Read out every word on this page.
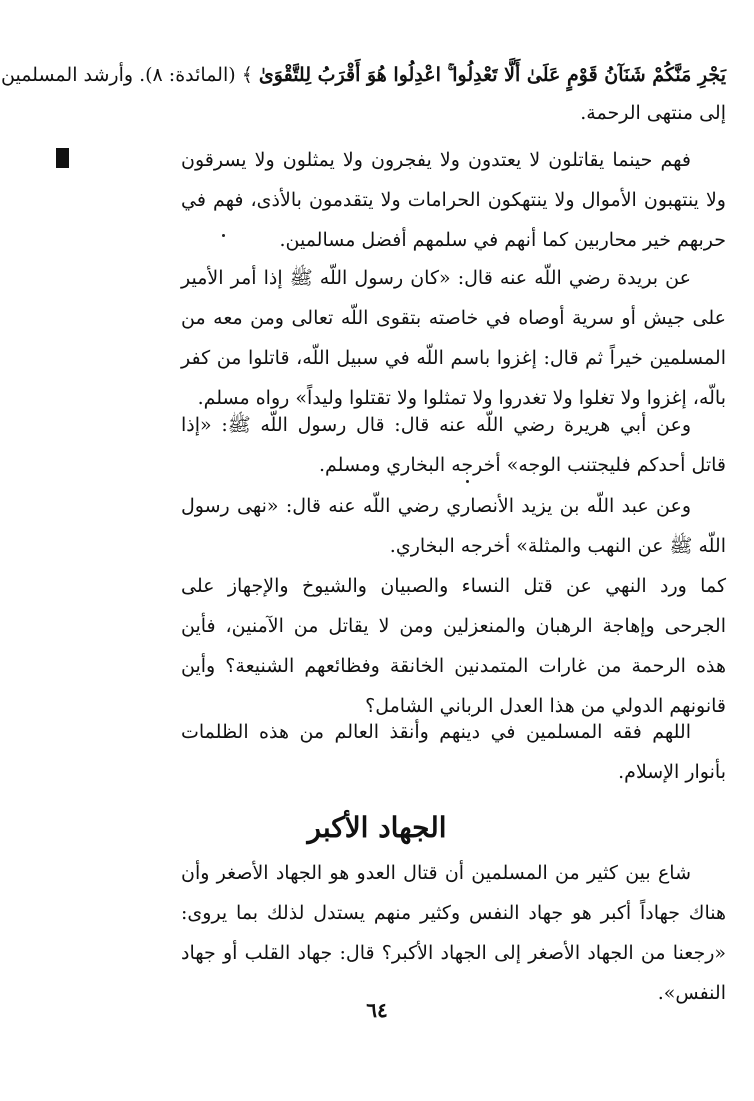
يَجْرِ مَنَّكُمْ شَنَآنُ قَوْمٍ عَلَىٰ أَلَّا تَعْدِلُوا ۚ اعْدِلُوا هُوَ أَقْرَبُ لِلتَّقْوَىٰ ﴾ (المائدة: ٨). وأرشد المسلمين إلى منتهى الرحمة.

فهم حينما يقاتلون لا يعتدون ولا يفجرون ولا يمثلون ولا يسرقون ولا ينتهبون الأموال ولا ينتهكون الحرامات ولا يتقدمون بالأذى، فهم في حربهم خير محاربين كما أنهم في سلمهم أفضل مسالمين.

عن بريدة رضي اللّه عنه قال: «كان رسول اللّه ﷺ إذا أمر الأمير على جيش أو سرية أوصاه في خاصته بتقوى اللّه تعالى ومن معه من المسلمين خيراً ثم قال: إغزوا باسم اللّه في سبيل اللّه، قاتلوا من كفر بالّه، إغزوا ولا تغلوا ولا تغدروا ولا تمثلوا ولا تقتلوا وليداً» رواه مسلم.

وعن أبي هريرة رضي اللّه عنه قال: قال رسول اللّه ﷺ: «إذا قاتل أحدكم فليجتنب الوجه» أخرجه البخاري ومسلم.

وعن عبد اللّه بن يزيد الأنصاري رضي اللّه عنه قال: «نهى رسول اللّه ﷺ عن النهب والمثلة» أخرجه البخاري.

كما ورد النهي عن قتل النساء والصبيان والشيوخ والإجهاز على الجرحى وإهاجة الرهبان والمنعزلين ومن لا يقاتل من الآمنين، فأين هذه الرحمة من غارات المتمدنين الخانقة وفظائعهم الشنيعة؟ وأين قانونهم الدولي من هذا العدل الرباني الشامل؟

اللهم فقه المسلمين في دينهم وأنقذ العالم من هذه الظلمات بأنوار الإسلام.

الجهاد الأكبر

شاع بين كثير من المسلمين أن قتال العدو هو الجهاد الأصغر وأن هناك جهاداً أكبر هو جهاد النفس وكثير منهم يستدل لذلك بما يروى: «رجعنا من الجهاد الأصغر إلى الجهاد الأكبر؟ قال: جهاد القلب أو جهاد النفس».

٦٤
